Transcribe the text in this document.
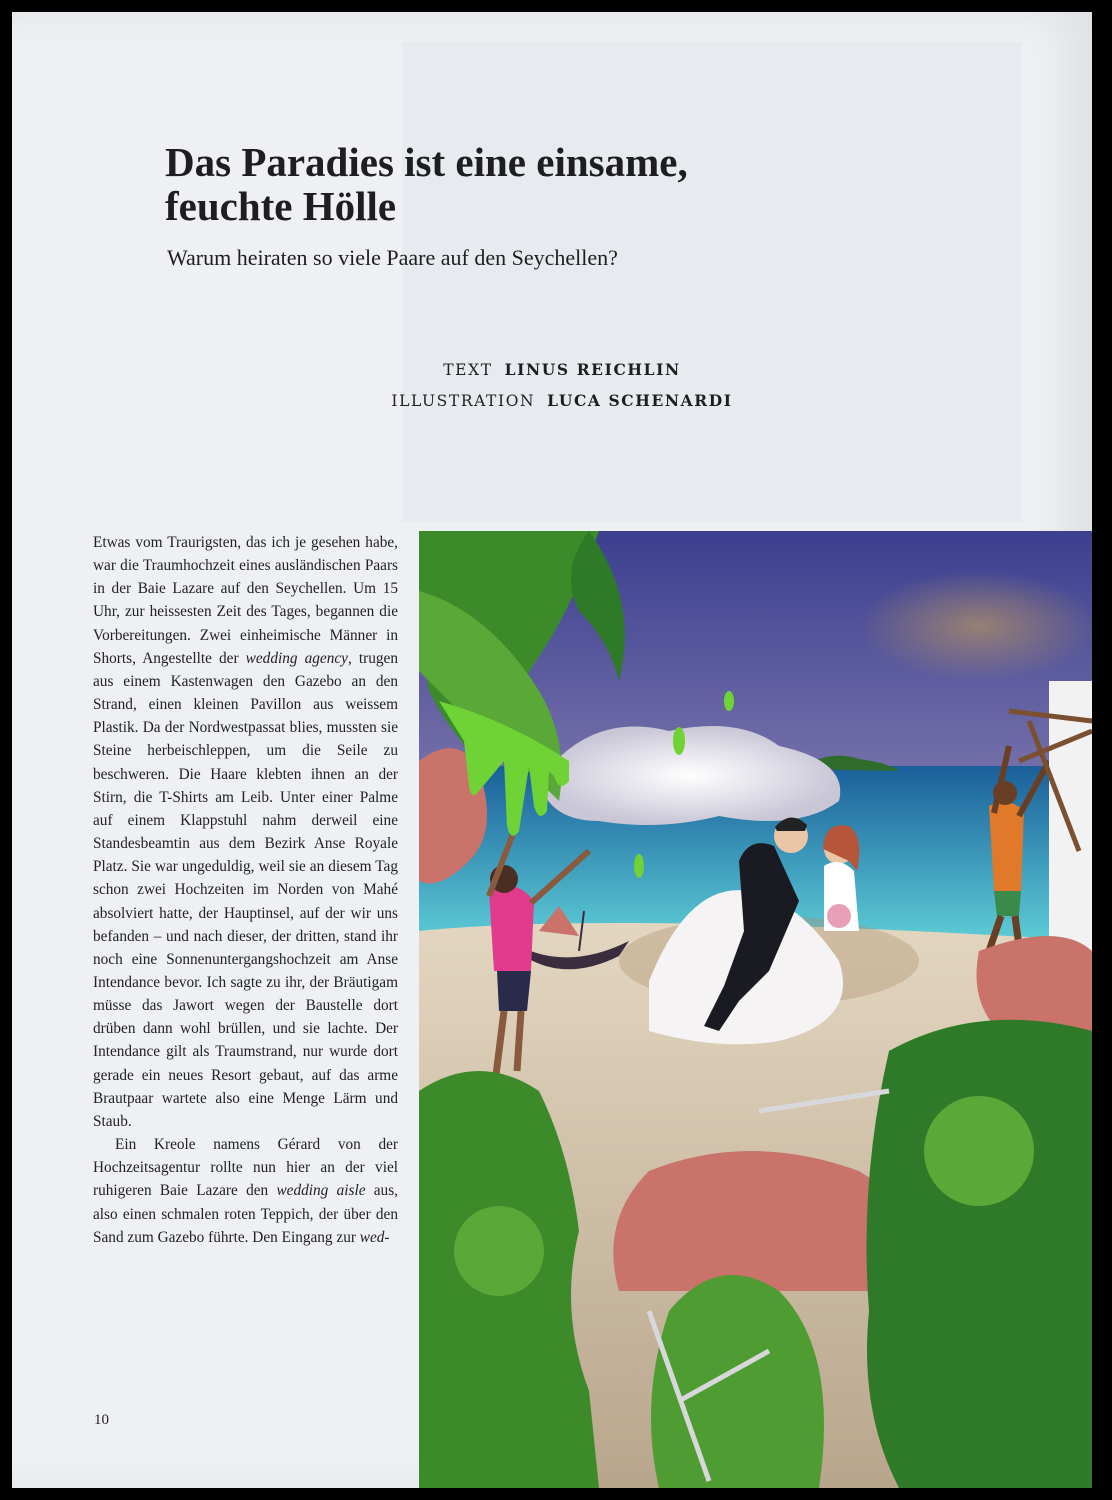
Das Paradies ist eine einsame,
feuchte Hölle
Warum heiraten so viele Paare auf den Seychellen?
TEXT LINUS REICHLIN
ILLUSTRATION LUCA SCHENARDI

Etwas vom Traurigsten, das ich je gesehen habe, war die Traumhochzeit eines ausländischen Paars in der Baie Lazare auf den Seychellen. Um 15 Uhr, zur heissesten Zeit des Tages, begannen die Vorbereitungen. Zwei einheimische Männer in Shorts, Angestellte der wedding agency, trugen aus einem Kastenwagen den Gazebo an den Strand, einen kleinen Pavillon aus weissem Plastik. Da der Nordwestpassat blies, mussten sie Steine herbeischleppen, um die Seile zu beschweren. Die Haare klebten ihnen an der Stirn, die T-Shirts am Leib. Unter einer Palme auf einem Klappstuhl nahm derweil eine Standesbeamtin aus dem Bezirk Anse Royale Platz. Sie war ungeduldig, weil sie an diesem Tag schon zwei Hochzeiten im Norden von Mahé absolviert hatte, der Hauptinsel, auf der wir uns befanden – und nach dieser, der dritten, stand ihr noch eine Sonnenuntergangshochzeit am Anse Intendance bevor. Ich sagte zu ihr, der Bräutigam müsse das Jawort wegen der Baustelle dort drüben dann wohl brüllen, und sie lachte. Der Intendance gilt als Traumstrand, nur wurde dort gerade ein neues Resort gebaut, auf das arme Brautpaar wartete also eine Menge Lärm und Staub.

Ein Kreole namens Gérard von der Hochzeitsagentur rollte nun hier an der viel ruhigeren Baie Lazare den wedding aisle aus, also einen schmalen roten Teppich, der über den Sand zum Gazebo führte. Den Eingang zur wed-

10
